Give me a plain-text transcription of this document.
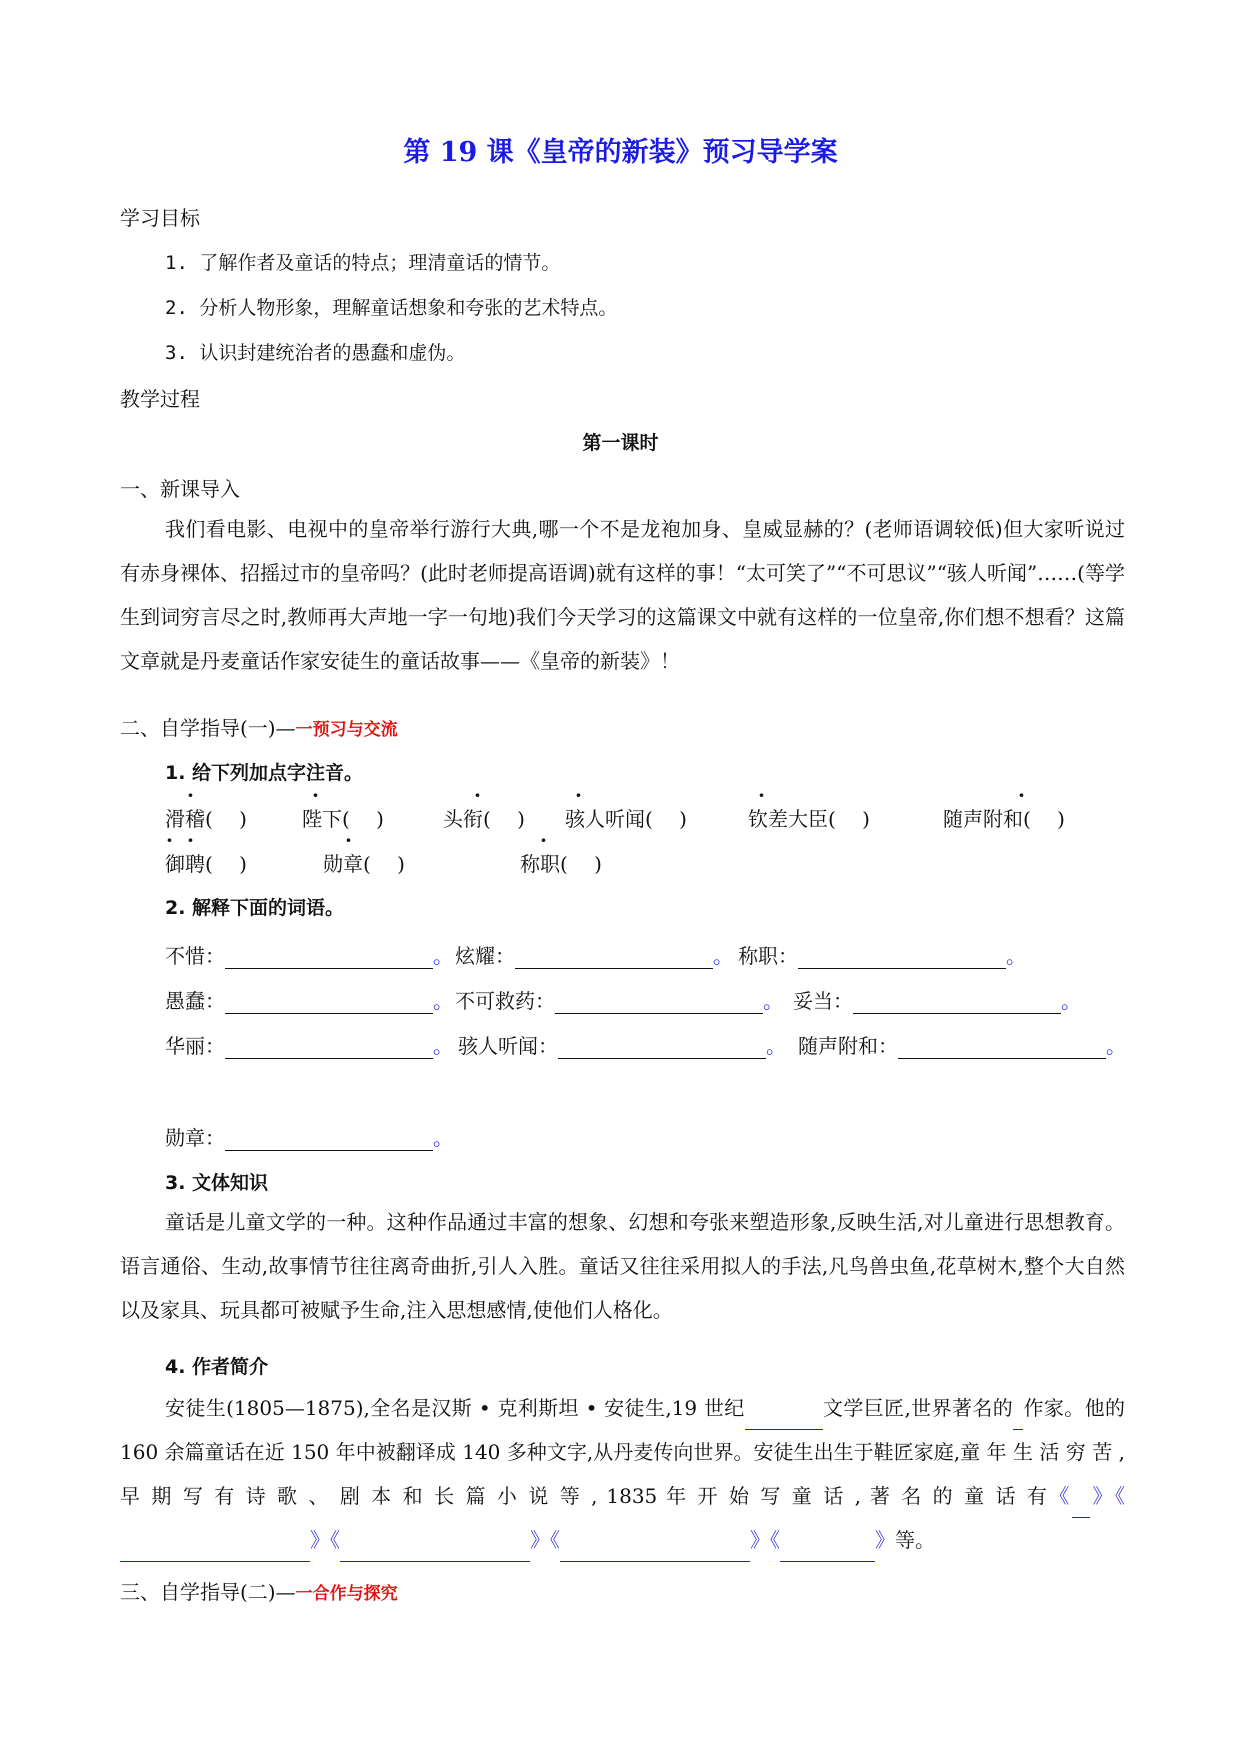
第 19 课《皇帝的新装》预习导学案
学习目标
1. 了解作者及童话的特点；理清童话的情节。
2. 分析人物形象，理解童话想象和夸张的艺术特点。
3. 认识封建统治者的愚蠢和虚伪。
教学过程
第一课时
一、新课导入
我们看电影、电视中的皇帝举行游行大典,哪一个不是龙袍加身、皇威显赫的？(老师语调较低)但大家听说过有赤身裸体、招摇过市的皇帝吗？(此时老师提高语调)就有这样的事！“太可笑了”“不可思议”“骇人听闻”……(等学生到词穷言尽之时,教师再大声地一字一句地)我们今天学习的这篇课文中就有这样的一位皇帝,你们想不想看？这篇文章就是丹麦童话作家安徒生的童话故事——《皇帝的新装》！
二、自学指导(一)—一预习与交流
1. 给下列加点字注音。
滑稽(　 )	陛下(　 )	头衔(　 ) 骇人听闻(　 )	钦差大臣(　 )	随声附和(　 )
御聘(　 )	勋章(　 )	称职(　 )
·	·	·	·	·	·
· ·	·	·
2. 解释下面的词语。
不惜：	。 炫耀：	。 称职：	。
愚蠢：	。 不可救药：	。 妥当：	。
华丽：	。 骇人听闻：	。 随声附和：	。
勋章：	。
3. 文体知识
童话是儿童文学的一种。这种作品通过丰富的想象、幻想和夸张来塑造形象,反映生活,对儿童进行思想教育。语言通俗、生动,故事情节往往离奇曲折,引人入胜。童话又往往采用拟人的手法,凡鸟兽虫鱼,花草树木,整个大自然以及家具、玩具都可被赋予生命,注入思想感情,使他们人格化。
4. 作者简介
安徒生(1805—1875),全名是汉斯 • 克利斯坦 • 安徒生,19 世纪	文学巨匠,世界著名的 作家。他的 160 余篇童话在近 150 年中被翻译成 140 多种文字,从丹麦传向世界。安徒生出生于鞋匠家庭,童 年 生 活 穷 苦 , 早 期 写 有 诗 歌 、 剧 本 和 长 篇 小 说 等 , 1835 年 开 始 写 童 话 , 著 名 的 童 话 有《 》《》《	》《	》《	》等。
三、自学指导(二)—一合作与探究
